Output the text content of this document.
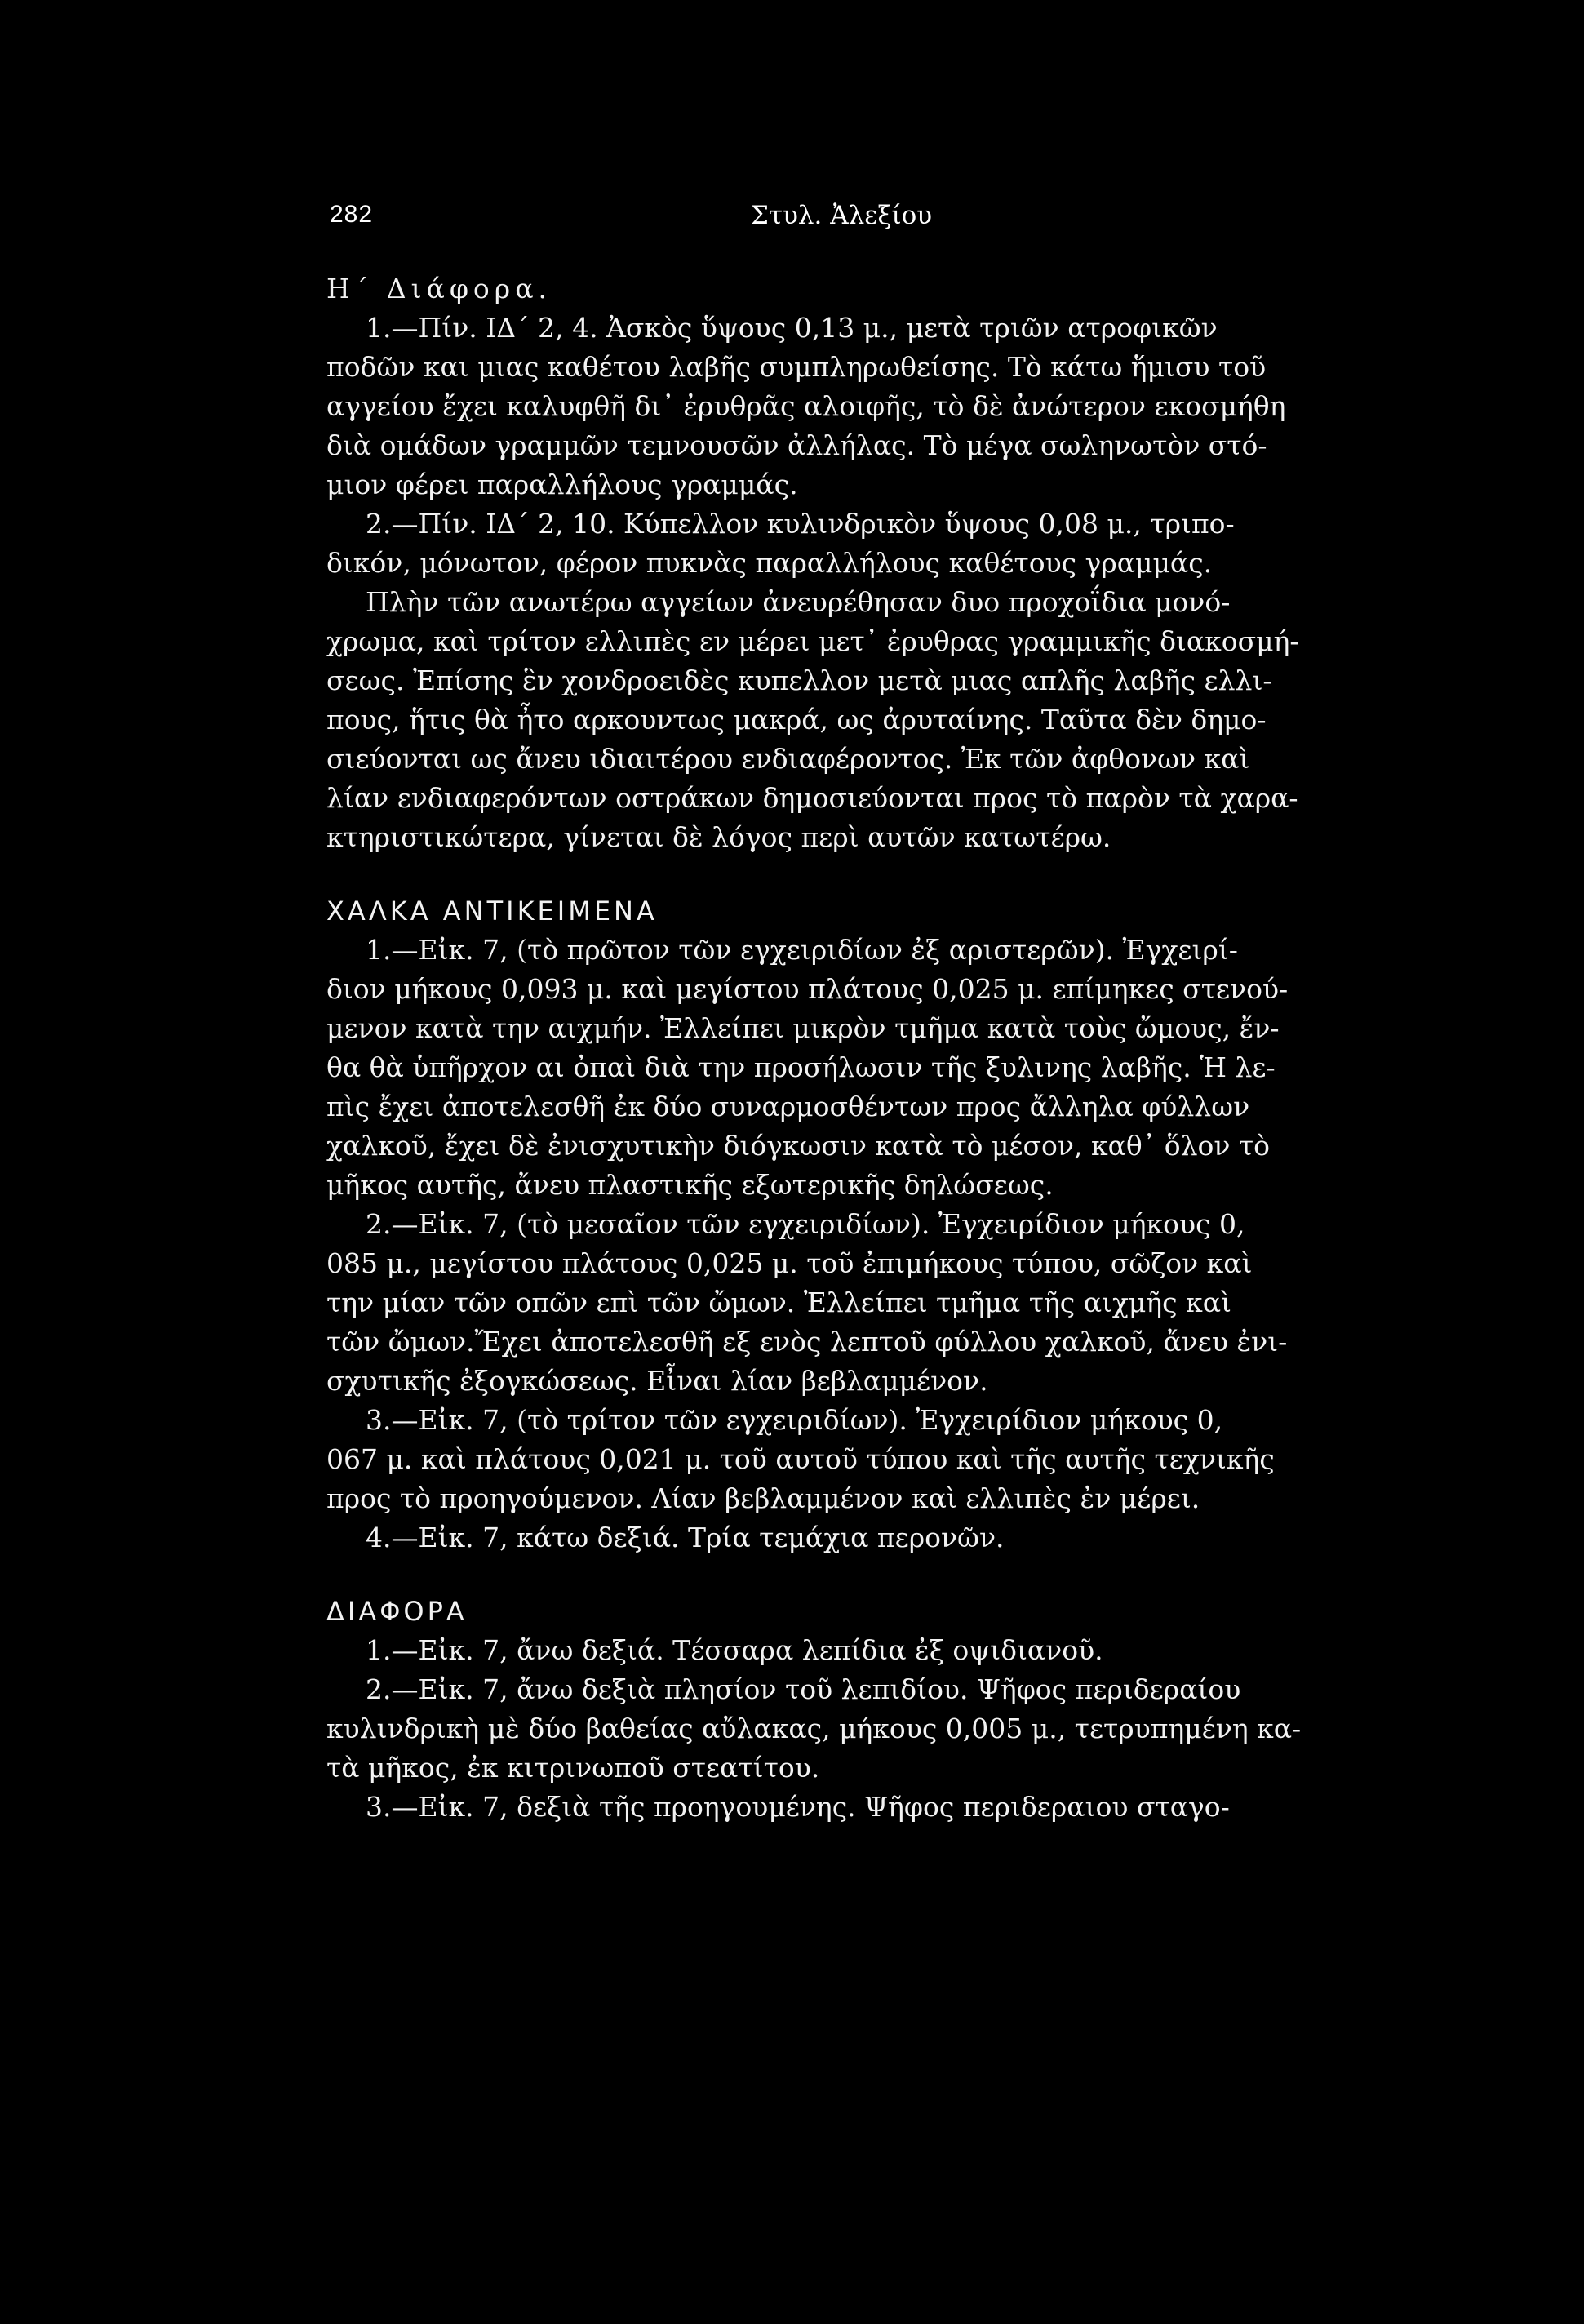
282	Στυλ. Ἀλεξίου
Η΄ Διάφορα.
1.—Πίν. ΙΔ΄ 2, 4. Ἀσκὸς ὕψους 0,13 μ., μετὰ τριῶν ατροφικῶν
ποδῶν και μιας καθέτου λαβῆς συμπληρωθείσης. Τὸ κάτω ἥμισυ τοῦ
αγγείου ἔχει καλυφθῆ δι᾽ ἐρυθρᾶς αλοιφῆς, τὸ δὲ ἀνώτερον εκοσμήθη
διὰ ομάδων γραμμῶν τεμνουσῶν ἀλλήλας. Τὸ μέγα σωληνωτὸν στό-
μιον φέρει παραλλήλους γραμμάς.
2.—Πίν. ΙΔ΄ 2, 10. Κύπελλον κυλινδρικὸν ὕψους 0,08 μ., τριπο-
δικόν, μόνωτον, φέρον πυκνὰς παραλλήλους καθέτους γραμμάς.
Πλὴν τῶν ανωτέρω αγγείων ἀνευρέθησαν δυο προχοΐδια μονό-
χρωμα, καὶ τρίτον ελλιπὲς εν μέρει μετ᾽ ἐρυθρας γραμμικῆς διακοσμή-
σεως. Ἐπίσης ἓν χονδροειδὲς κυπελλον μετὰ μιας απλῆς λαβῆς ελλι-
πους, ἥτις θὰ ἦτο αρκουντως μακρά, ως ἀρυταίνης. Ταῦτα δὲν δημο-
σιεύονται ως ἄνευ ιδιαιτέρου ενδιαφέροντος. Ἐκ τῶν ἀφθονων καὶ
λίαν ενδιαφερόντων οστράκων δημοσιεύονται προς τὸ παρὸν τὰ χαρα-
κτηριστικώτερα, γίνεται δὲ λόγος περὶ αυτῶν κατωτέρω.
ΧΑΛΚΑ ΑΝΤΙΚΕΙΜΕΝΑ
1.—Εἰκ. 7, (τὸ πρῶτον τῶν εγχειριδίων ἐξ αριστερῶν). Ἐγχειρί-
διον μήκους 0,093 μ. καὶ μεγίστου πλάτους 0,025 μ. επίμηκες στενού-
μενον κατὰ την αιχμήν. Ἐλλείπει μικρὸν τμῆμα κατὰ τοὺς ὤμους, ἔν-
θα θὰ ὑπῆρχον αι ὀπαὶ διὰ την προσήλωσιν τῆς ξυλινης λαβῆς. Ἡ λε-
πὶς ἔχει ἀποτελεσθῆ ἐκ δύο συναρμοσθέντων προς ἄλληλα φύλλων
χαλκοῦ, ἔχει δὲ ἐνισχυτικὴν διόγκωσιν κατὰ τὸ μέσον, καθ᾽ ὅλον τὸ
μῆκος αυτῆς, ἄνευ πλαστικῆς εξωτερικῆς δηλώσεως.
2.—Εἰκ. 7, (τὸ μεσαῖον τῶν εγχειριδίων). Ἐγχειρίδιον μήκους 0,
085 μ., μεγίστου πλάτους 0,025 μ. τοῦ ἐπιμήκους τύπου, σῶζον καὶ
την μίαν τῶν οπῶν επὶ τῶν ὤμων. Ἐλλείπει τμῆμα τῆς αιχμῆς καὶ
τῶν ὤμων.Ἔχει ἀποτελεσθῆ εξ ενὸς λεπτοῦ φύλλου χαλκοῦ, ἄνευ ἐνι-
σχυτικῆς ἐξογκώσεως. Εἶναι λίαν βεβλαμμένον.
3.—Εἰκ. 7, (τὸ τρίτον τῶν εγχειριδίων). Ἐγχειρίδιον μήκους 0,
067 μ. καὶ πλάτους 0,021 μ. τοῦ αυτοῦ τύπου καὶ τῆς αυτῆς τεχνικῆς
προς τὸ προηγούμενον. Λίαν βεβλαμμένον καὶ ελλιπὲς ἐν μέρει.
4.—Εἰκ. 7, κάτω δεξιά. Τρία τεμάχια περονῶν.
ΔΙΑΦΟΡΑ
1.—Εἰκ. 7, ἄνω δεξιά. Τέσσαρα λεπίδια ἐξ οψιδιανοῦ.
2.—Εἰκ. 7, ἄνω δεξιὰ πλησίον τοῦ λεπιδίου. Ψῆφος περιδεραίου
κυλινδρικὴ μὲ δύο βαθείας αὔλακας, μήκους 0,005 μ., τετρυπημένη κα-
τὰ μῆκος, ἐκ κιτρινωποῦ στεατίτου.
3.—Εἰκ. 7, δεξιὰ τῆς προηγουμένης. Ψῆφος περιδεραιου σταγο-
